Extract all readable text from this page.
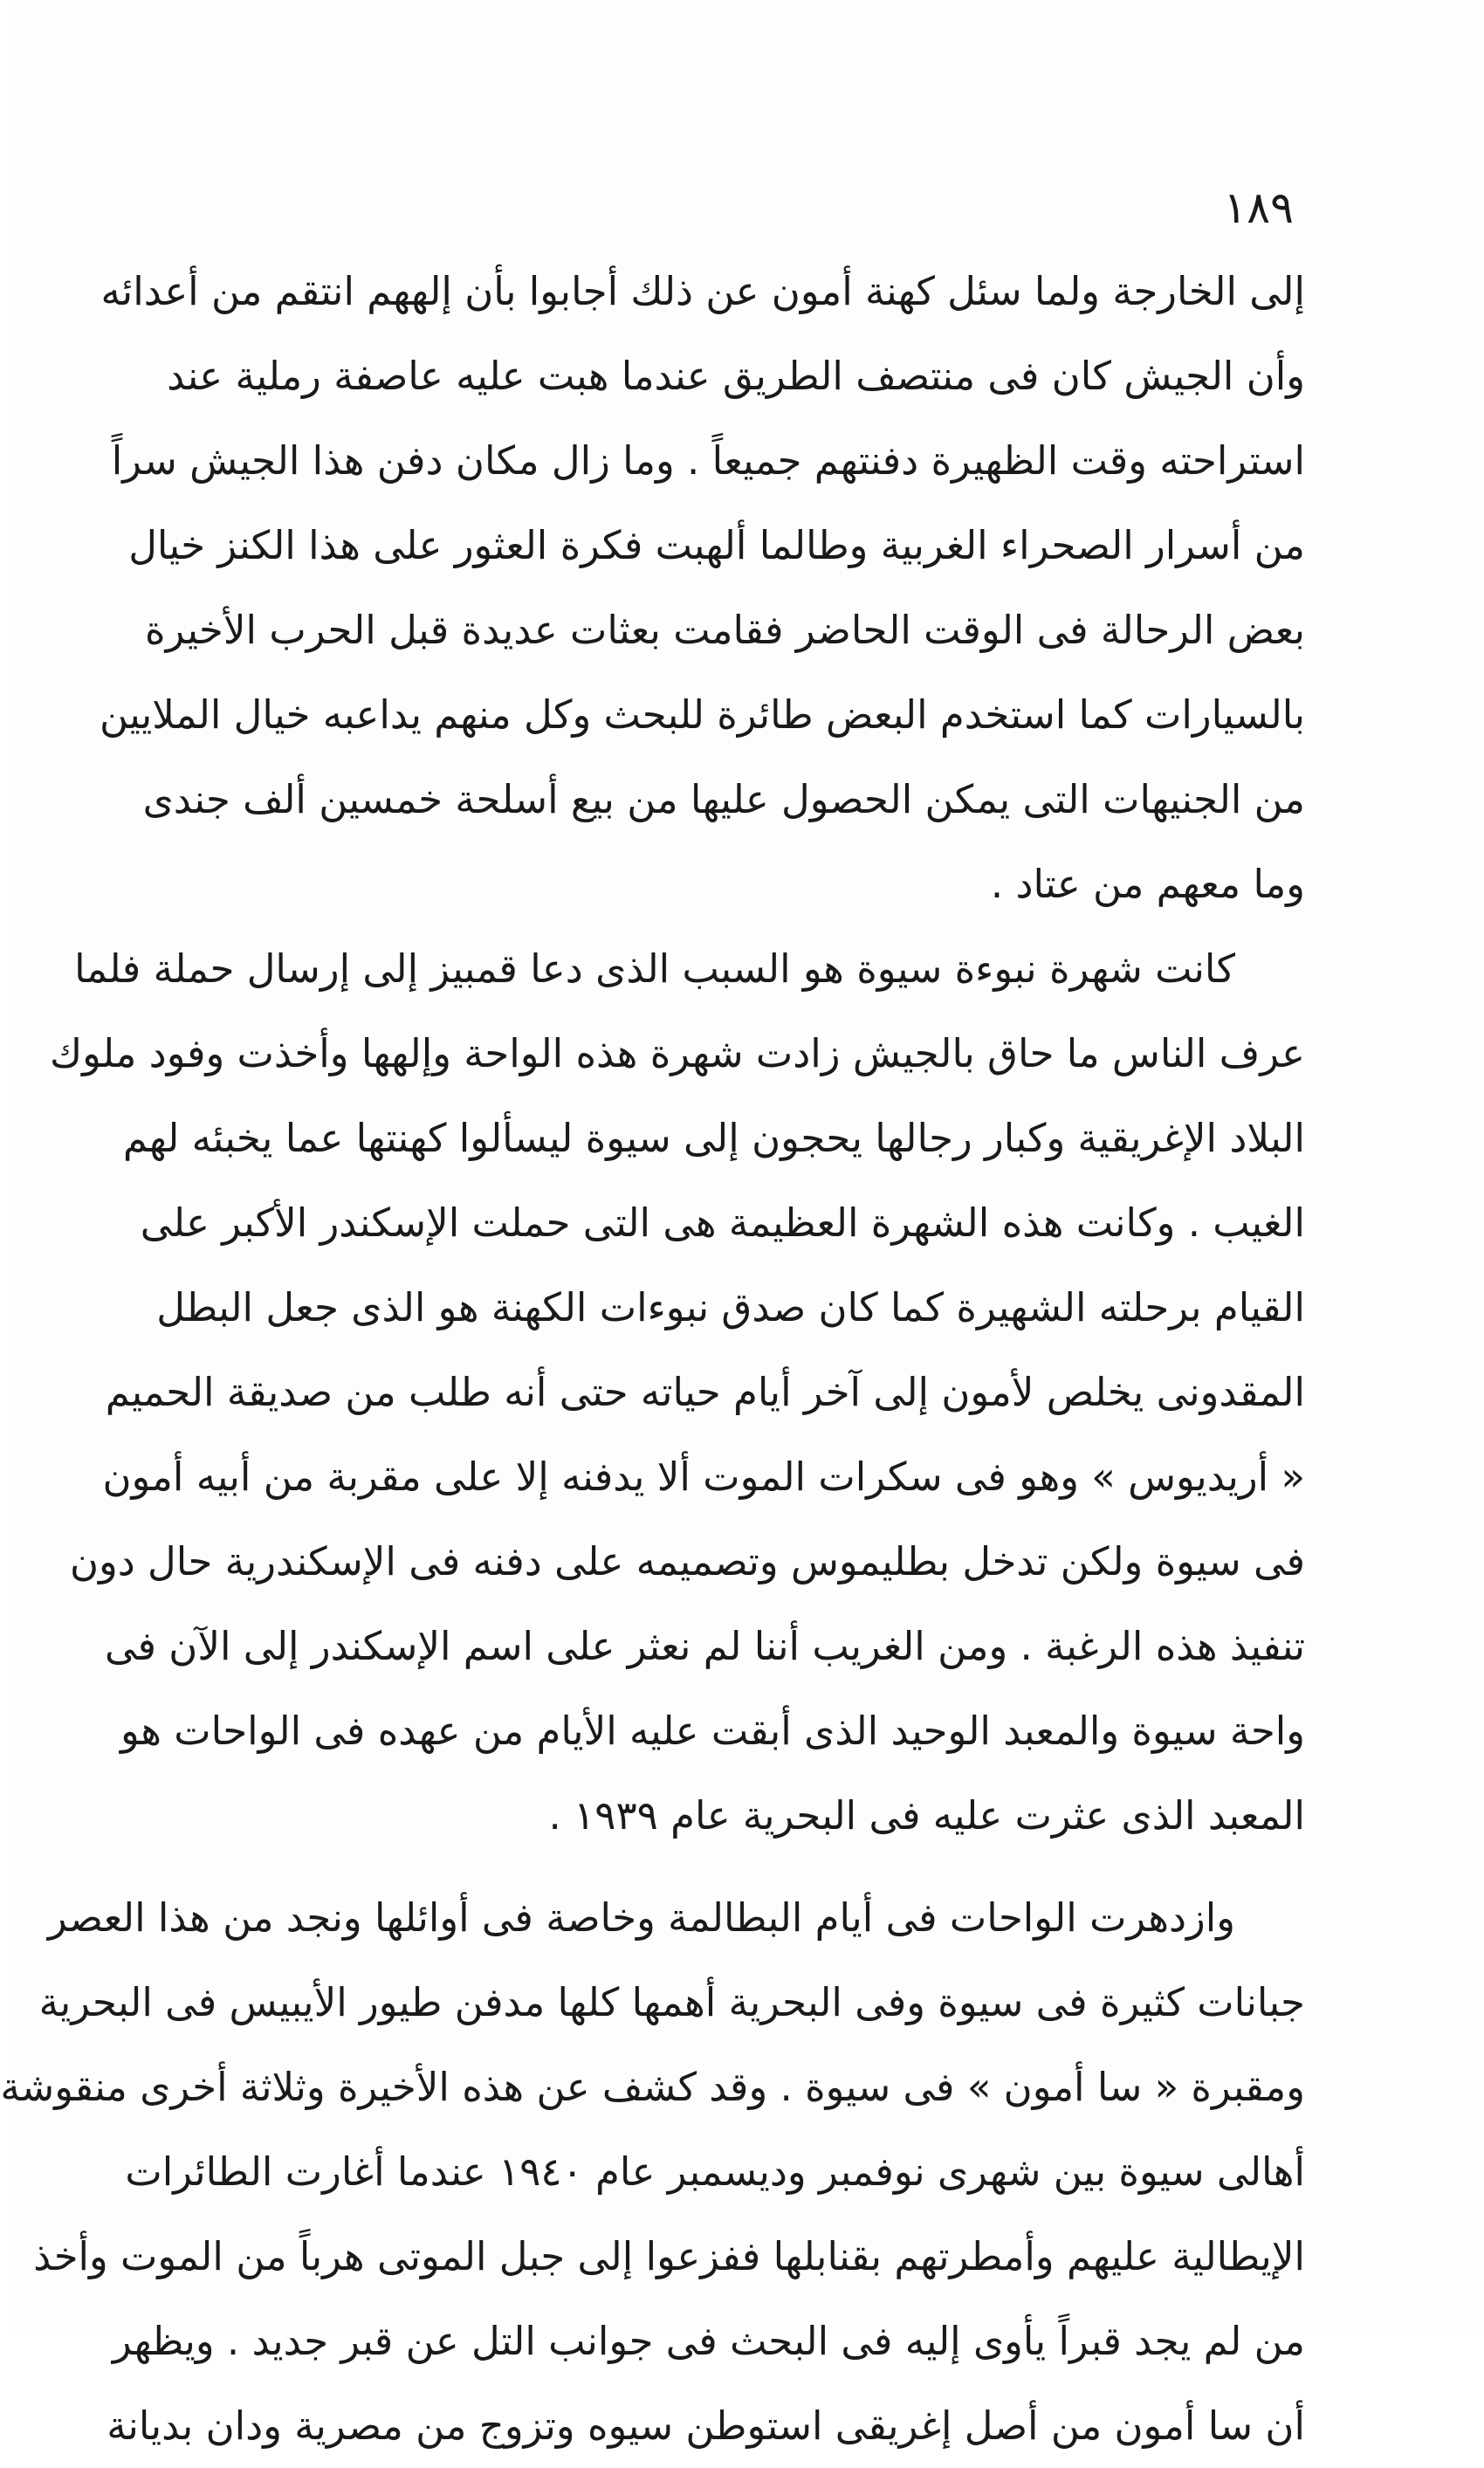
١٨٩
إلى الخارجة ولما سئل كهنة أمون عن ذلك أجابوا بأن إلههم انتقم من أعدائه
وأن الجيش كان فى منتصف الطريق عندما هبت عليه عاصفة رملية عند
استراحته وقت الظهيرة دفنتهم جميعاً . وما زال مكان دفن هذا الجيش سراً
من أسرار الصحراء الغربية وطالما ألهبت فكرة العثور على هذا الكنز خيال
بعض الرحالة فى الوقت الحاضر فقامت بعثات عديدة قبل الحرب الأخيرة
بالسيارات كما استخدم البعض طائرة للبحث وكل منهم يداعبه خيال الملايين
من الجنيهات التى يمكن الحصول عليها من بيع أسلحة خمسين ألف جندى
وما معهم من عتاد .
كانت شهرة نبوءة سيوة هو السبب الذى دعا قمبيز إلى إرسال حملة فلما
عرف الناس ما حاق بالجيش زادت شهرة هذه الواحة وإلهها وأخذت وفود ملوك
البلاد الإغريقية وكبار رجالها يحجون إلى سيوة ليسألوا كهنتها عما يخبئه لهم
الغيب . وكانت هذه الشهرة العظيمة هى التى حملت الإسكندر الأكبر على
القيام برحلته الشهيرة كما كان صدق نبوءات الكهنة هو الذى جعل البطل
المقدونى يخلص لأمون إلى آخر أيام حياته حتى أنه طلب من صديقة الحميم
« أريديوس » وهو فى سكرات الموت ألا يدفنه إلا على مقربة من أبيه أمون
فى سيوة ولكن تدخل بطليموس وتصميمه على دفنه فى الإسكندرية حال دون
تنفيذ هذه الرغبة . ومن الغريب أننا لم نعثر على اسم الإسكندر إلى الآن فى
واحة سيوة والمعبد الوحيد الذى أبقت عليه الأيام من عهده فى الواحات هو
المعبد الذى عثرت عليه فى البحرية عام ١٩٣٩ .
وازدهرت الواحات فى أيام البطالمة وخاصة فى أوائلها ونجد من هذا العصر
جبانات كثيرة فى سيوة وفى البحرية أهمها كلها مدفن طيور الأيبيس فى البحرية
ومقبرة « سا أمون » فى سيوة . وقد كشف عن هذه الأخيرة وثلاثة أخرى منقوشة
أهالى سيوة بين شهرى نوفمبر وديسمبر عام ١٩٤٠ عندما أغارت الطائرات
الإيطالية عليهم وأمطرتهم بقنابلها ففزعوا إلى جبل الموتى هرباً من الموت وأخذ
من لم يجد قبراً يأوى إليه فى البحث فى جوانب التل عن قبر جديد . ويظهر
أن سا أمون من أصل إغريقى استوطن سيوه وتزوج من مصرية ودان بديانة
